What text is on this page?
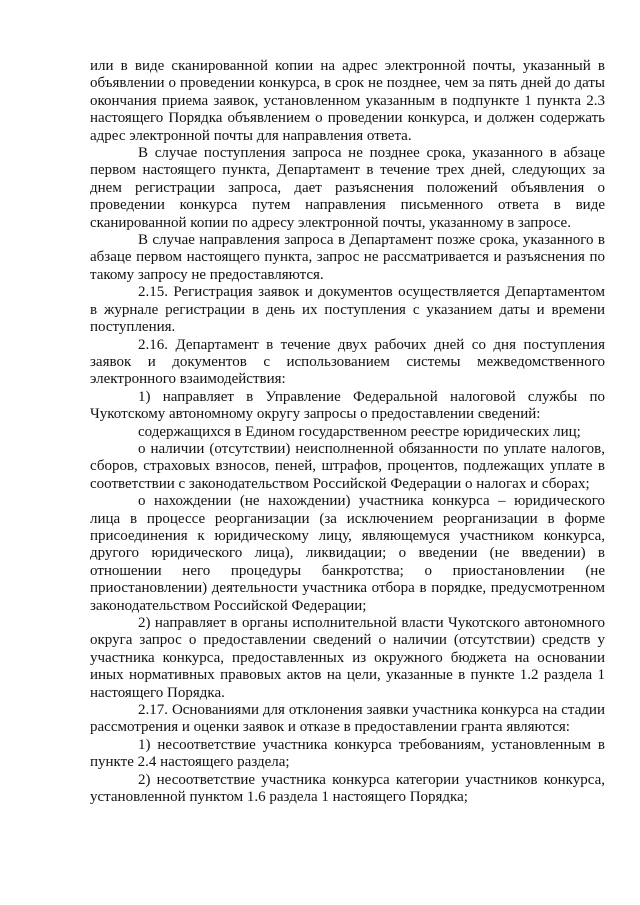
или в виде сканированной копии на адрес электронной почты, указанный в объявлении о проведении конкурса, в срок не позднее, чем за пять дней до даты окончания приема заявок, установленном указанным в подпункте 1 пункта 2.3 настоящего Порядка объявлением о проведении конкурса, и должен содержать адрес электронной почты для направления ответа.

В случае поступления запроса не позднее срока, указанного в абзаце первом настоящего пункта, Департамент в течение трех дней, следующих за днем регистрации запроса, дает разъяснения положений объявления о проведении конкурса путем направления письменного ответа в виде сканированной копии по адресу электронной почты, указанному в запросе.

В случае направления запроса в Департамент позже срока, указанного в абзаце первом настоящего пункта, запрос не рассматривается и разъяснения по такому запросу не предоставляются.

2.15. Регистрация заявок и документов осуществляется Департаментом в журнале регистрации в день их поступления с указанием даты и времени поступления.

2.16. Департамент в течение двух рабочих дней со дня поступления заявок и документов с использованием системы межведомственного электронного взаимодействия:

1) направляет в Управление Федеральной налоговой службы по Чукотскому автономному округу запросы о предоставлении сведений:

содержащихся в Едином государственном реестре юридических лиц;

о наличии (отсутствии) неисполненной обязанности по уплате налогов, сборов, страховых взносов, пеней, штрафов, процентов, подлежащих уплате в соответствии с законодательством Российской Федерации о налогах и сборах;

о нахождении (не нахождении) участника конкурса – юридического лица в процессе реорганизации (за исключением реорганизации в форме присоединения к юридическому лицу, являющемуся участником конкурса, другого юридического лица), ликвидации; о введении (не введении) в отношении него процедуры банкротства; о приостановлении (не приостановлении) деятельности участника отбора в порядке, предусмотренном законодательством Российской Федерации;

2) направляет в органы исполнительной власти Чукотского автономного округа запрос о предоставлении сведений о наличии (отсутствии) средств у участника конкурса, предоставленных из окружного бюджета на основании иных нормативных правовых актов на цели, указанные в пункте 1.2 раздела 1 настоящего Порядка.

2.17. Основаниями для отклонения заявки участника конкурса на стадии рассмотрения и оценки заявок и отказе в предоставлении гранта являются:

1) несоответствие участника конкурса требованиям, установленным в пункте 2.4 настоящего раздела;

2) несоответствие участника конкурса категории участников конкурса, установленной пунктом 1.6 раздела 1 настоящего Порядка;
